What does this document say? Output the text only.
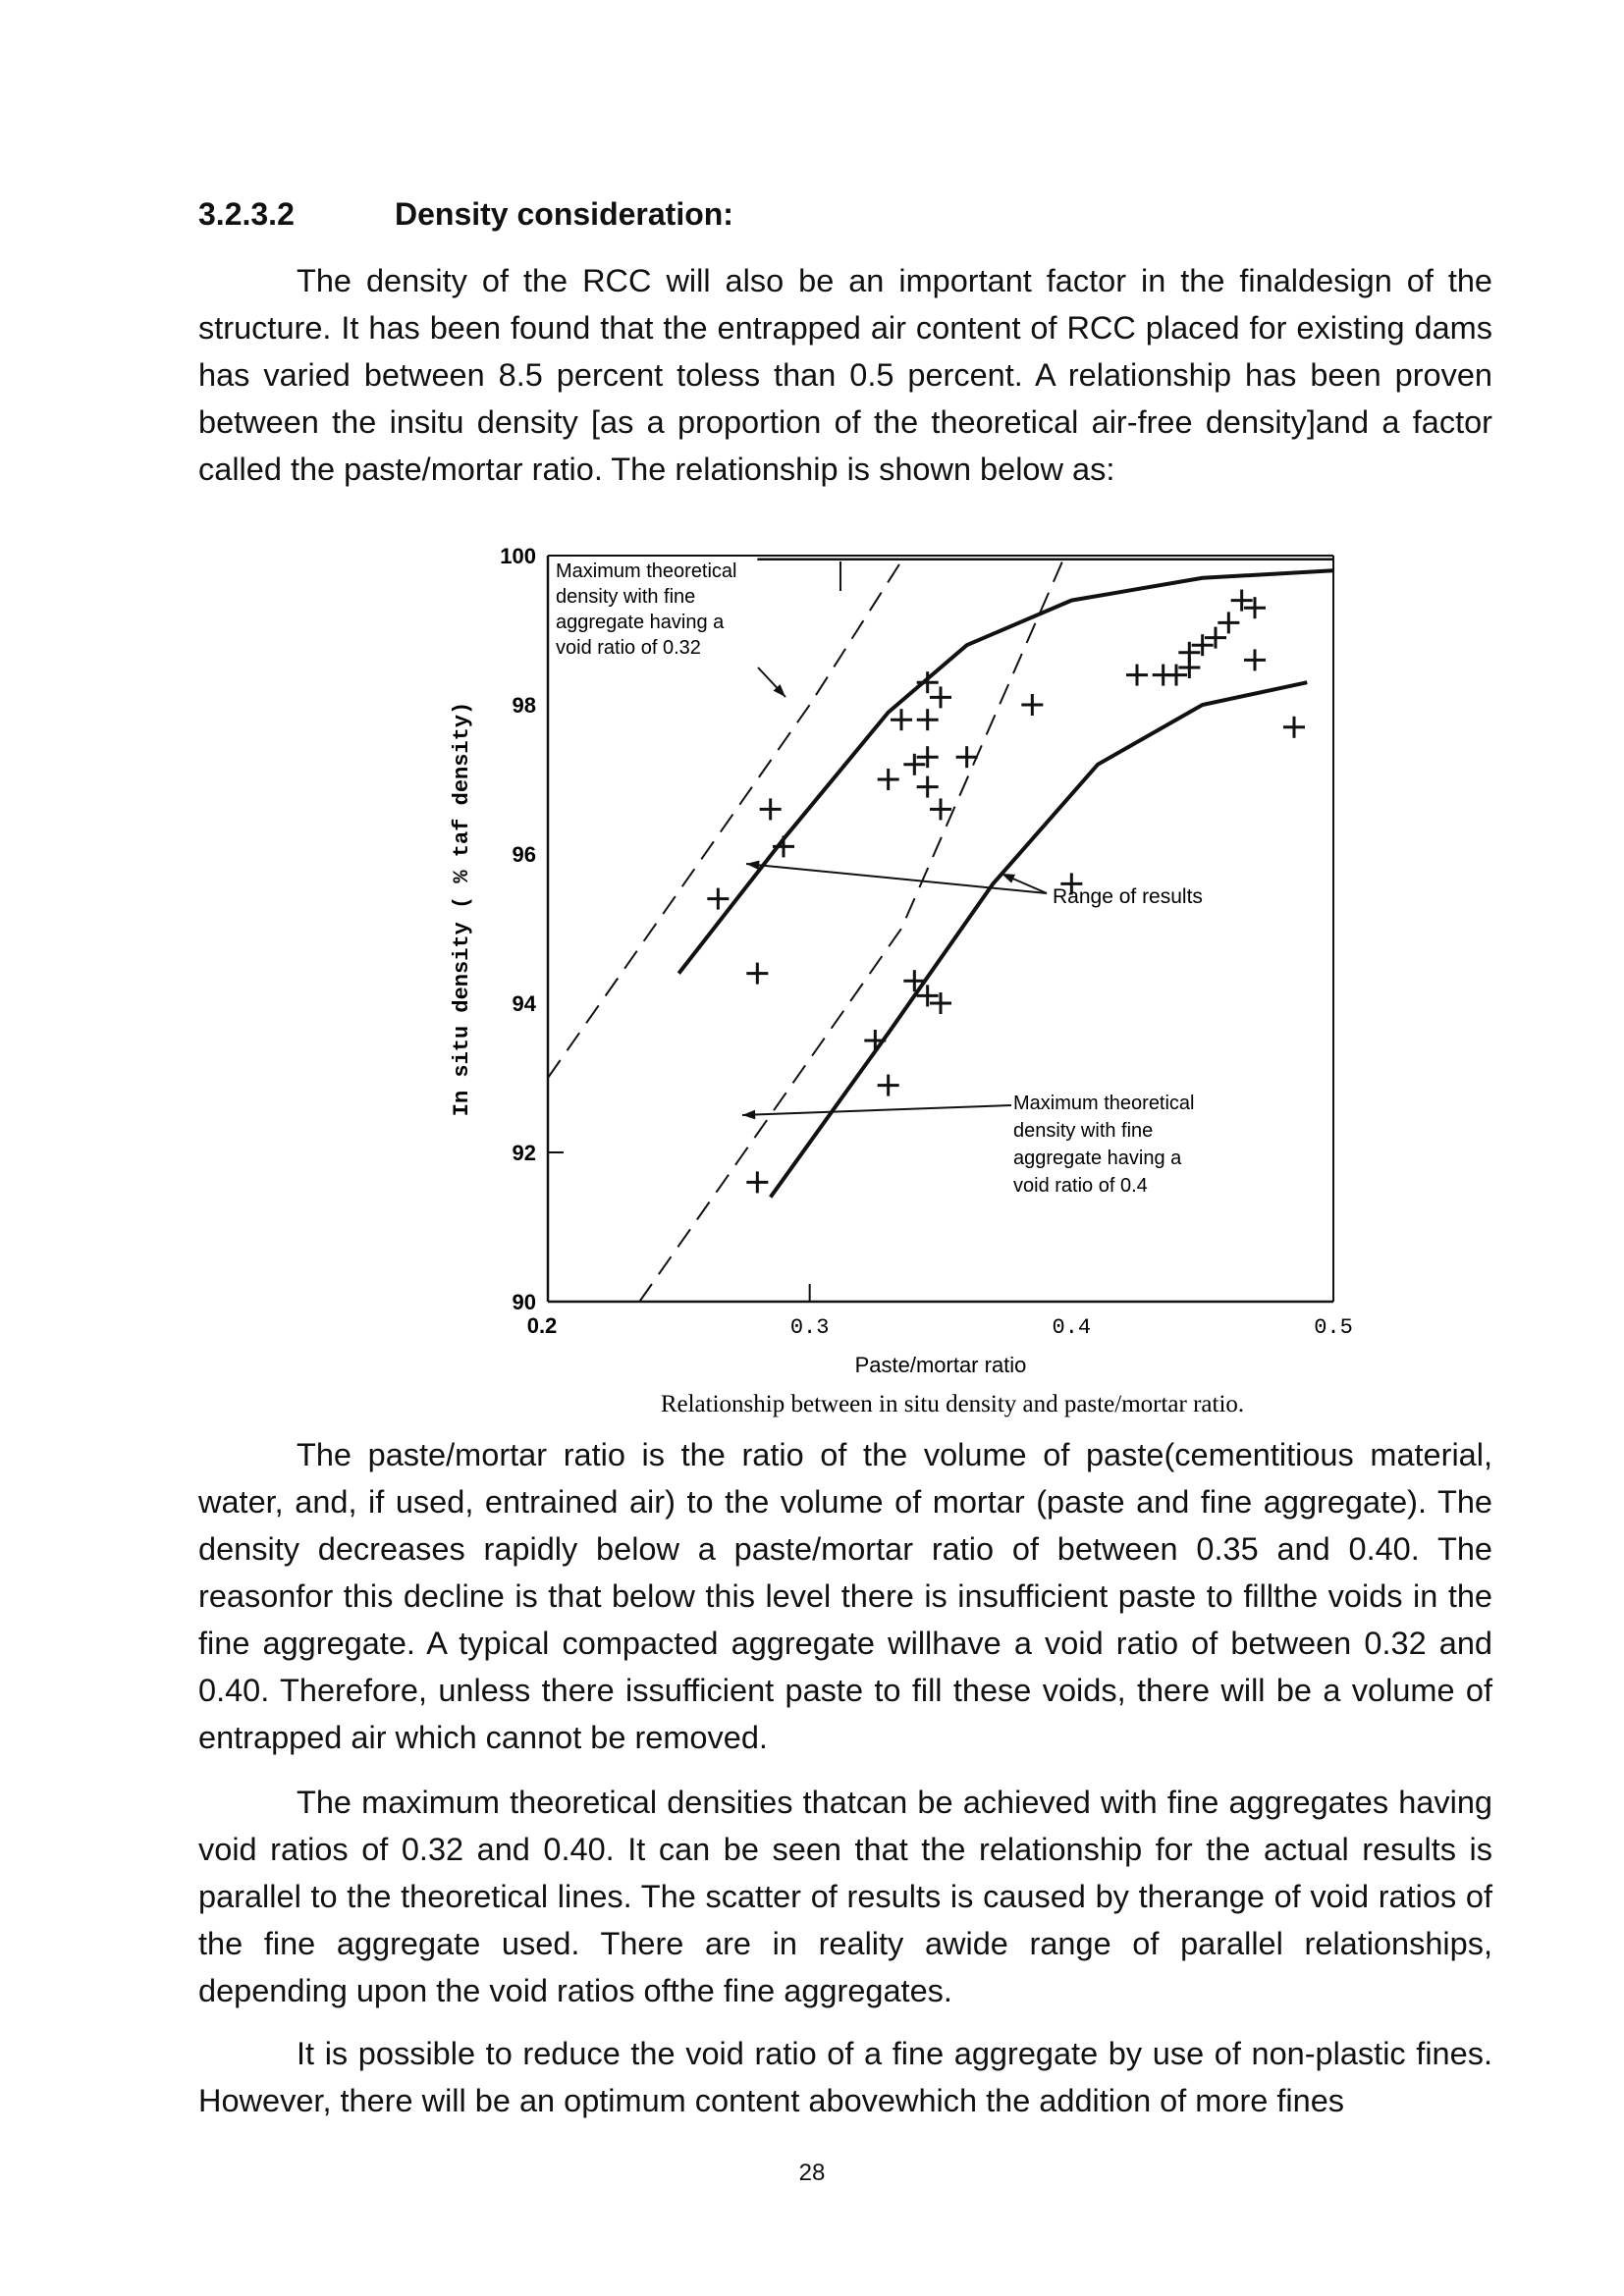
3.2.3.2	Density consideration:

The density of the RCC will also be an important factor in the finaldesign of the structure. It has been found that the entrapped air content of RCC placed for existing dams has varied between 8.5 percent toless than 0.5 percent. A relationship has been proven between the insitu density [as a proportion of the theoretical air-free density]and a factor called the paste/mortar ratio. The relationship is shown below as:

90
92
94
96
98
100
0.2	0.3	0.4	0.5
Paste/mortar ratio
In situ density ( % taf density)
Relationship between in situ density and paste/mortar ratio.
Maximum theoretical
density with fine
aggregate having a
void ratio of 0.32
Maximum theoretical
density with fine
aggregate having a
void ratio of 0.4
Range of results

The paste/mortar ratio is the ratio of the volume of paste(cementitious material, water, and, if used, entrained air) to the volume of mortar (paste and fine aggregate). The density decreases rapidly below a paste/mortar ratio of between 0.35 and 0.40. The reasonfor this decline is that below this level there is insufficient paste to fillthe voids in the fine aggregate. A typical compacted aggregate willhave a void ratio of between 0.32 and 0.40. Therefore, unless there issufficient paste to fill these voids, there will be a volume of entrapped air which cannot be removed.

The maximum theoretical densities thatcan be achieved with fine aggregates having void ratios of 0.32 and 0.40. It can be seen that the relationship for the actual results is parallel to the theoretical lines. The scatter of results is caused by therange of void ratios of the fine aggregate used. There are in reality awide range of parallel relationships, depending upon the void ratios ofthe fine aggregates.

It is possible to reduce the void ratio of a fine aggregate by use of non-plastic fines. However, there will be an optimum content abovewhich the addition of more fines

28
